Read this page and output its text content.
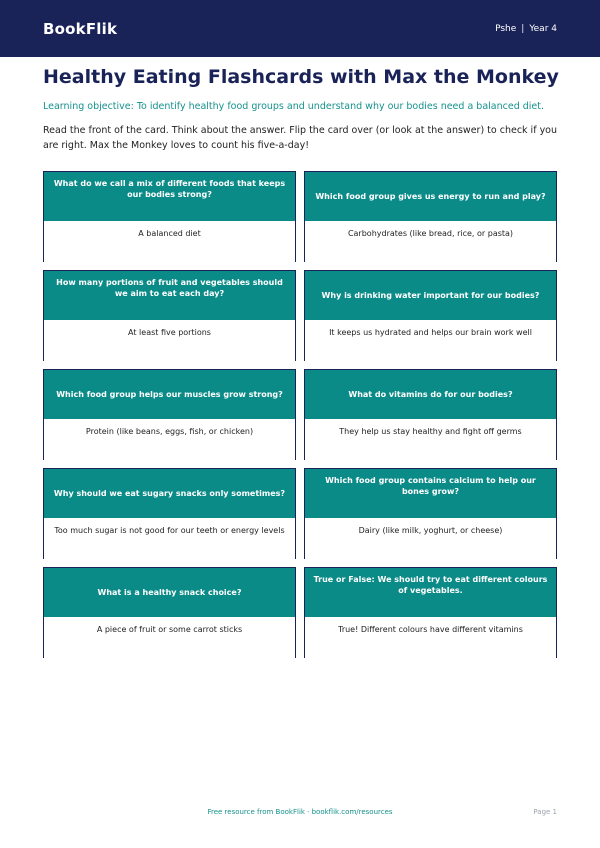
BookFlik	Pshe | Year 4
Healthy Eating Flashcards with Max the Monkey

Learning objective: To identify healthy food groups and understand why our bodies need a balanced diet.

Read the front of the card. Think about the answer. Flip the card over (or look at the answer) to check if you are right. Max the Monkey loves to count his five-a-day!

What do we call a mix of different foods that keeps our bodies strong?
A balanced diet
Which food group gives us energy to run and play?
Carbohydrates (like bread, rice, or pasta)
How many portions of fruit and vegetables should we aim to eat each day?
At least five portions
Why is drinking water important for our bodies?
It keeps us hydrated and helps our brain work well
Which food group helps our muscles grow strong?
Protein (like beans, eggs, fish, or chicken)
What do vitamins do for our bodies?
They help us stay healthy and fight off germs
Why should we eat sugary snacks only sometimes?
Too much sugar is not good for our teeth or energy levels
Which food group contains calcium to help our bones grow?
Dairy (like milk, yoghurt, or cheese)
What is a healthy snack choice?
A piece of fruit or some carrot sticks
True or False: We should try to eat different colours of vegetables.
True! Different colours have different vitamins
Free resource from BookFlik · bookflik.com/resources	Page 1
